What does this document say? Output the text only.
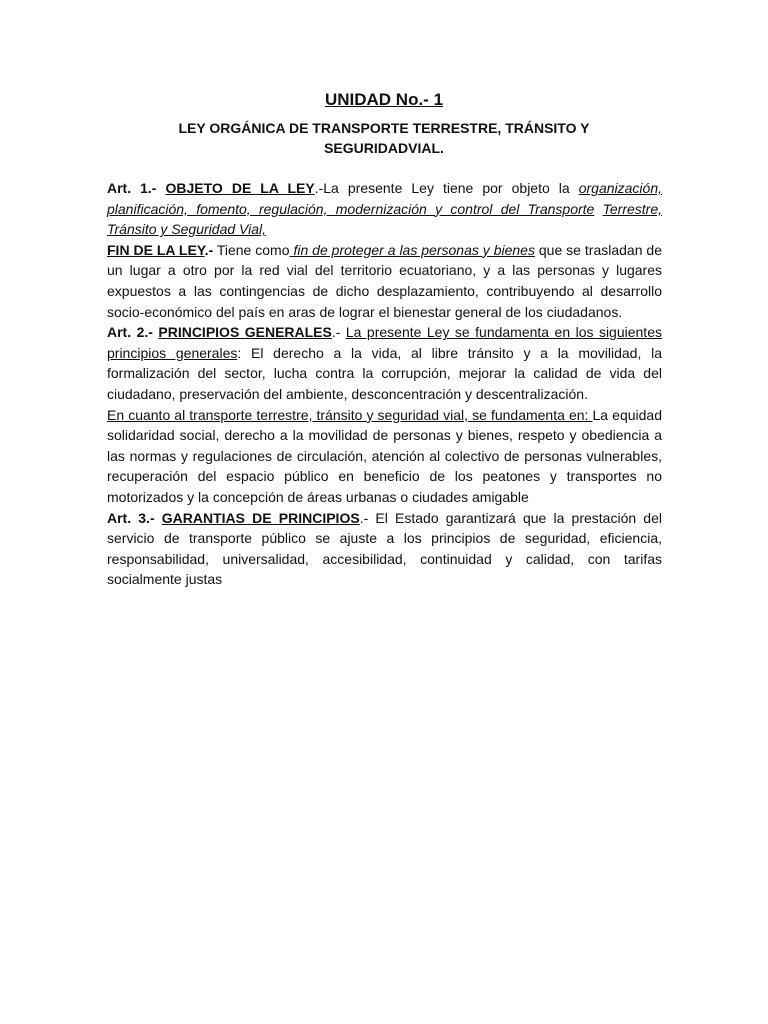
UNIDAD No.- 1
LEY ORGÁNICA DE TRANSPORTE TERRESTRE, TRÁNSITO Y SEGURIDADVIAL.

Art. 1.- OBJETO DE LA LEY.-La presente Ley tiene por objeto la organización, planificación, fomento, regulación, modernización y control del Transporte Terrestre, Tránsito y Seguridad Vial,

FIN DE LA LEY.- Tiene como fin de proteger a las personas y bienes que se trasladan de un lugar a otro por la red vial del territorio ecuatoriano, y a las personas y lugares expuestos a las contingencias de dicho desplazamiento, contribuyendo al desarrollo socio-económico del país en aras de lograr el bienestar general de los ciudadanos.

Art. 2.- PRINCIPIOS GENERALES.- La presente Ley se fundamenta en los siguientes principios generales: El derecho a la vida, al libre tránsito y a la movilidad, la formalización del sector, lucha contra la corrupción, mejorar la calidad de vida del ciudadano, preservación del ambiente, desconcentración y descentralización.

En cuanto al transporte terrestre, tránsito y seguridad vial, se fundamenta en: La equidad solidaridad social, derecho a la movilidad de personas y bienes, respeto y obediencia a las normas y regulaciones de circulación, atención al colectivo de personas vulnerables, recuperación del espacio público en beneficio de los peatones y transportes no motorizados y la concepción de áreas urbanas o ciudades amigable

Art. 3.- GARANTIAS DE PRINCIPIOS.- El Estado garantizará que la prestación del servicio de transporte público se ajuste a los principios de seguridad, eficiencia, responsabilidad, universalidad, accesibilidad, continuidad y calidad, con tarifas socialmente justas
